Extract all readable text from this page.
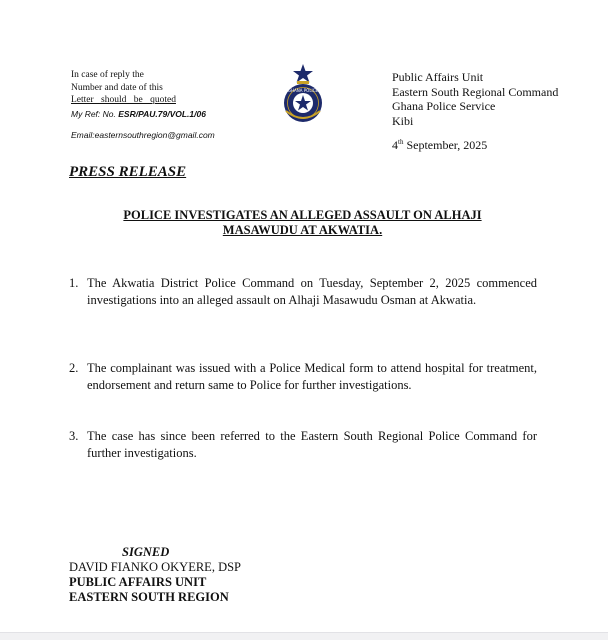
In case of reply the
Number and date of this
Letter should be quoted
My Ref: No. ESR/PAU.79/VOL.1/06
Email:easternsouthregion@gmail.com
GHANA POLICE
Public Affairs Unit
Eastern South Regional Command
Ghana Police Service
Kibi
4th September, 2025
PRESS RELEASE
POLICE INVESTIGATES AN ALLEGED ASSAULT ON ALHAJI MASAWUDU AT AKWATIA.
1. The Akwatia District Police Command on Tuesday, September 2, 2025 commenced investigations into an alleged assault on Alhaji Masawudu Osman at Akwatia.
2. The complainant was issued with a Police Medical form to attend hospital for treatment, endorsement and return same to Police for further investigations.
3. The case has since been referred to the Eastern South Regional Police Command for further investigations.
SIGNED
DAVID FIANKO OKYERE, DSP
PUBLIC AFFAIRS UNIT
EASTERN SOUTH REGION
